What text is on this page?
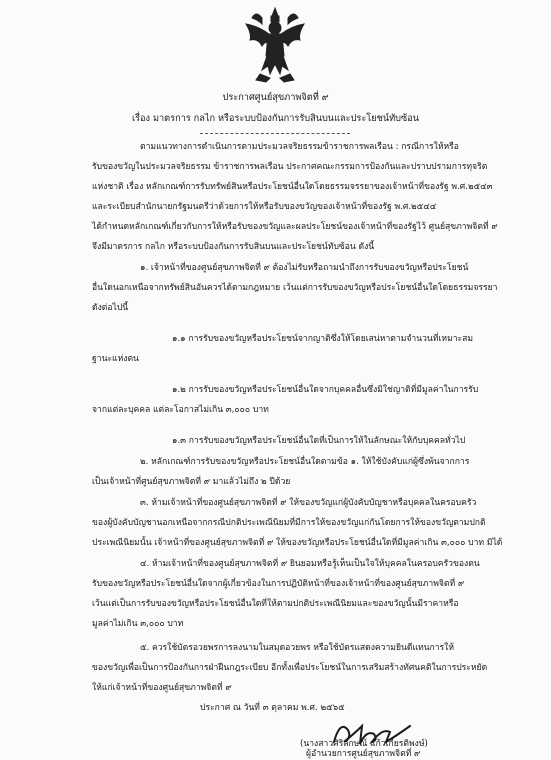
ประกาศศูนย์สุขภาพจิตที่ ๙
เรื่อง มาตรการ กลไก หรือระบบป้องกันการรับสินบนและประโยชน์ทับซ้อน
ตามแนวทางการดำเนินการตามประมวลจริยธรรมข้าราชการพลเรือน : กรณีการให้หรือ
รับของขวัญในประมวลจริยธรรม ข้าราชการพลเรือน ประกาศคณะกรรมการป้องกันและปราบปรามการทุจริต
แห่งชาติ เรื่อง หลักเกณฑ์การรับทรัพย์สินหรือประโยชน์อื่นใดโดยธรรมจรรยาของเจ้าหน้าที่ของรัฐ พ.ศ.๒๕๔๓
และระเบียบสำนักนายกรัฐมนตรีว่าด้วยการให้หรือรับของขวัญของเจ้าหน้าที่ของรัฐ พ.ศ.๒๕๔๔
ได้กำหนดหลักเกณฑ์เกี่ยวกับการให้หรือรับของขวัญและผลประโยชน์ของเจ้าหน้าที่ของรัฐไว้ ศูนย์สุขภาพจิตที่ ๙
จึงมีมาตรการ กลไก หรือระบบป้องกันการรับสินบนและประโยชน์ทับซ้อน ดังนี้
๑. เจ้าหน้าที่ของศูนย์สุขภาพจิตที่ ๙ ต้องไม่รับหรือถามนำถึงการรับของขวัญหรือประโยชน์
อื่นใดนอกเหนือจากทรัพย์สินอันควรได้ตามกฎหมาย เว้นแต่การรับของขวัญหรือประโยชน์อื่นใดโดยธรรมจรรยา
ดังต่อไปนี้
๑.๑ การรับของขวัญหรือประโยชน์จากญาติซึ่งให้โดยเสน่หาตามจำนวนที่เหมาะสม
ฐานะแห่งตน
๑.๒ การรับของขวัญหรือประโยชน์อื่นใดจากบุคคลอื่นซึ่งมิใช่ญาติที่มีมูลค่าในการรับ
จากแต่ละบุคคล แต่ละโอกาสไม่เกิน ๓,๐๐๐ บาท
๑.๓ การรับของขวัญหรือประโยชน์อื่นใดที่เป็นการให้ในลักษณะให้กับบุคคลทั่วไป
๒. หลักเกณฑ์การรับของขวัญหรือประโยชน์อื่นใดตามข้อ ๑. ให้ใช้บังคับแก่ผู้ซึ่งพ้นจากการ
เป็นเจ้าหน้าที่ศูนย์สุขภาพจิตที่ ๙ มาแล้วไม่ถึง ๒ ปีด้วย
๓. ห้ามเจ้าหน้าที่ของศูนย์สุขภาพจิตที่ ๙ ให้ของขวัญแก่ผู้บังคับบัญชาหรือบุคคลในครอบครัว
ของผู้บังคับบัญชานอกเหนือจากกรณีปกติประเพณีนิยมที่มีการให้ของขวัญแก่กันโดยการให้ของขวัญตามปกติ
ประเพณีนิยมนั้น เจ้าหน้าที่ของศูนย์สุขภาพจิตที่ ๙ ให้ของขวัญหรือประโยชน์อื่นใดที่มีมูลค่าเกิน ๓,๐๐๐ บาท มิได้
๔. ห้ามเจ้าหน้าที่ของศูนย์สุขภาพจิตที่ ๙ ยินยอมหรือรู้เห็นเป็นใจให้บุคคลในครอบครัวของตน
รับของขวัญหรือประโยชน์อื่นใดจากผู้เกี่ยวข้องในการปฏิบัติหน้าที่ของเจ้าหน้าที่ของศูนย์สุขภาพจิตที่ ๙
เว้นแต่เป็นการรับของขวัญหรือประโยชน์อื่นใดที่ให้ตามปกติประเพณีนิยมและของขวัญนั้นมีราคาหรือ
มูลค่าไม่เกิน ๓,๐๐๐ บาท
๕. ควรใช้บัตรอวยพรการลงนามในสมุดอวยพร หรือใช้บัตรแสดงความยินดีแทนการให้
ของขวัญเพื่อเป็นการป้องกันการฝ่าฝืนกฎระเบียบ อีกทั้งเพื่อประโยชน์ในการเสริมสร้างทัศนคติในการประหยัด
ให้แก่เจ้าหน้าที่ของศูนย์สุขภาพจิตที่ ๙
ประกาศ ณ วันที่ ๓ ตุลาคม พ.ศ. ๒๕๖๕
(นางสาวศิริลักษณ์ แก้วเกียรติพงษ์)
ผู้อำนวยการศูนย์สุขภาพจิตที่ ๙
